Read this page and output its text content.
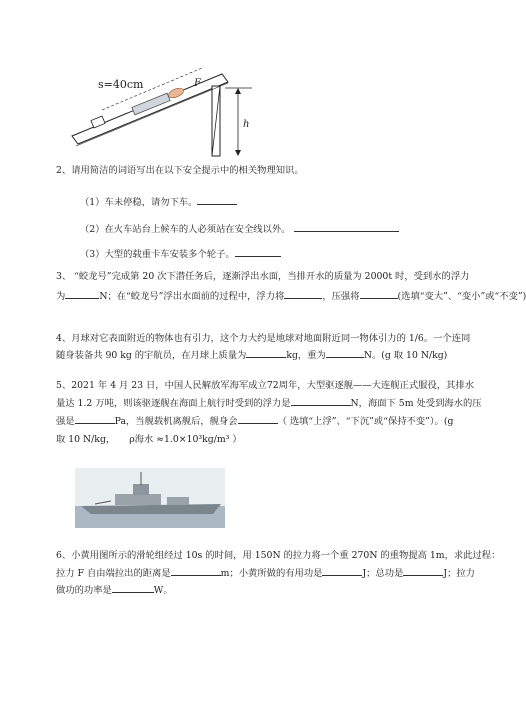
s=40cm	F
h
2、请用简洁的词语写出在以下安全提示中的相关物理知识。
（1）车未停稳，请勿下车。
（2）在火车站台上候车的人必须站在安全线以外。
（3）大型的载重卡车安装多个轮子。
3、 “蛟龙号”完成第 20 次下潜任务后，逐渐浮出水面，当排开水的质量为 2000t 时，受到水的浮力
为	N；在“蛟龙号”浮出水面前的过程中，浮力将	，压强将	(选填“变大”、“变小”或“不变”)
4、月球对它表面附近的物体也有引力，这个力大约是地球对地面附近同一物体引力的 1/6。一个连同
随身装备共 90 kg 的宇航员，在月球上质量为	kg，重为	N。(g 取 10 N/kg)
5、2021 年 4 月 23 日，中国人民解放军海军成立72周年，大型驱逐舰——大连舰正式服役，其排水
量达 1.2 万吨，则该驱逐舰在海面上航行时受到的浮力是	N，海面下 5m 处受到海水的压
强是	Pa，当舰载机离舰后，舰身会	（ 选填“上浮”、“下沉”或“保持不变”）。(g
取 10 N/kg， ρ海水 ≈1.0×10³kg/m³ ）
6、小黄用图所示的滑轮组经过 10s 的时间，用 150N 的拉力将一个重 270N 的重物提高 1m，求此过程：
拉力 F 自由端拉出的距离是	m；小黄所做的有用功是	J；总功是	J；拉力
做功的功率是	W。
